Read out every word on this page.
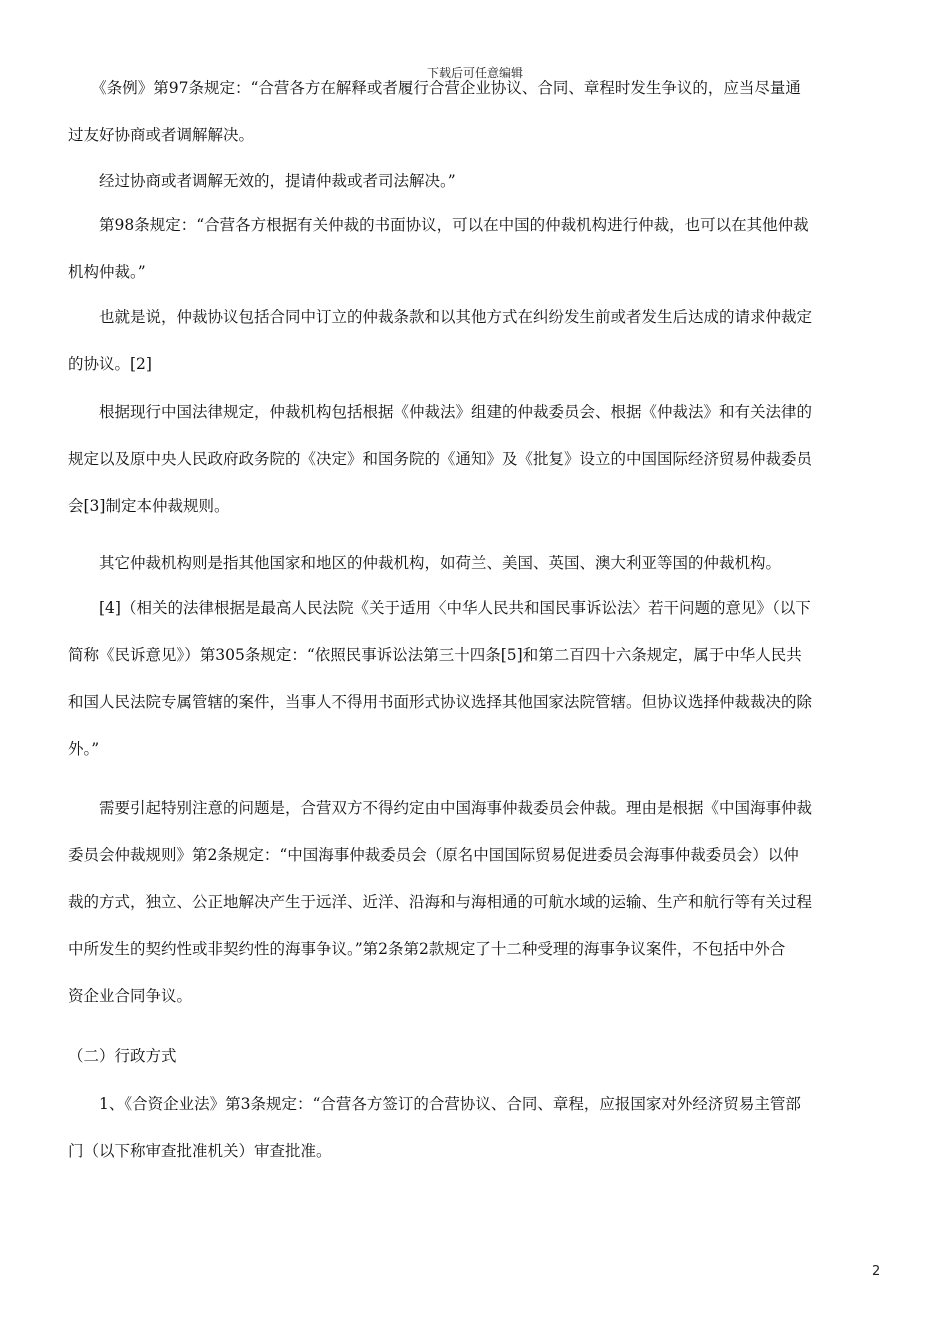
下载后可任意编辑

　　《条例》第97条规定：“合营各方在解释或者履行合营企业协议、合同、章程时发生争议的，应当尽量通
过友好协商或者调解解决。

　　经过协商或者调解无效的，提请仲裁或者司法解决。”

　　第98条规定：“合营各方根据有关仲裁的书面协议，可以在中国的仲裁机构进行仲裁，也可以在其他仲裁
机构仲裁。”

　　也就是说，仲裁协议包括合同中订立的仲裁条款和以其他方式在纠纷发生前或者发生后达成的请求仲裁定
的协议。[2]

　　根据现行中国法律规定，仲裁机构包括根据《仲裁法》组建的仲裁委员会、根据《仲裁法》和有关法律的
规定以及原中央人民政府政务院的《决定》和国务院的《通知》及《批复》设立的中国国际经济贸易仲裁委员
会[3]制定本仲裁规则。

　　其它仲裁机构则是指其他国家和地区的仲裁机构，如荷兰、美国、英国、澳大利亚等国的仲裁机构。

　　[4]（相关的法律根据是最高人民法院《关于适用〈中华人民共和国民事诉讼法〉若干问题的意见》（以下
简称《民诉意见》）第305条规定：“依照民事诉讼法第三十四条[5]和第二百四十六条规定，属于中华人民共
和国人民法院专属管辖的案件，当事人不得用书面形式协议选择其他国家法院管辖。但协议选择仲裁裁决的除
外。”

　　需要引起特别注意的问题是，合营双方不得约定由中国海事仲裁委员会仲裁。理由是根据《中国海事仲裁
委员会仲裁规则》第2条规定：“中国海事仲裁委员会（原名中国国际贸易促进委员会海事仲裁委员会）以仲
裁的方式，独立、公正地解决产生于远洋、近洋、沿海和与海相通的可航水域的运输、生产和航行等有关过程
中所发生的契约性或非契约性的海事争议。”第2条第2款规定了十二种受理的海事争议案件，不包括中外合
资企业合同争议。

（二）行政方式

　　1、《合资企业法》第3条规定：“合营各方签订的合营协议、合同、章程，应报国家对外经济贸易主管部
门（以下称审查批准机关）审查批准。

2
